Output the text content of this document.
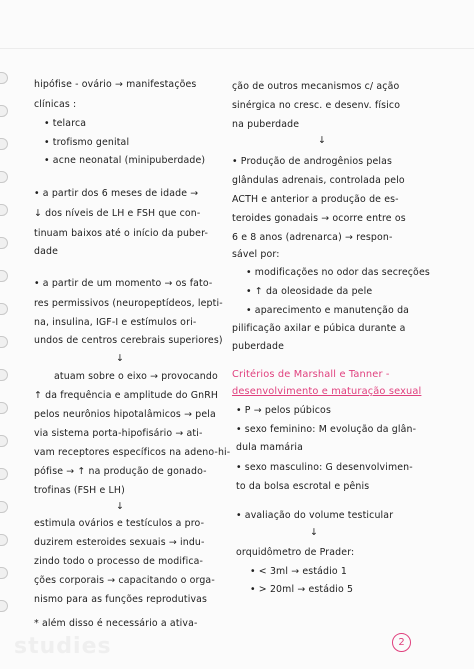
hipófise - ovário → manifestações
clínicas :
• telarca
• trofismo genital
• acne neonatal (minipuberdade)
• a partir dos 6 meses de idade →
↓ dos níveis de LH e FSH que con-
tinuam baixos até o início da puber-
dade
• a partir de um momento → os fato-
res permissivos (neuropeptídeos, lepti-
na, insulina, IGF-I e estímulos ori-
undos de centros cerebrais superiores)
↓
atuam sobre o eixo → provocando
↑ da frequência e amplitude do GnRH
pelos neurônios hipotalâmicos → pela
via sistema porta-hipofisário → ati-
vam receptores específicos na adeno-hi-
pófise → ↑ na produção de gonado-
trofinas (FSH e LH)
↓
estimula ovários e testículos a pro-
duzirem esteroides sexuais → indu-
zindo todo o processo de modifica-
ções corporais → capacitando o orga-
nismo para as funções reprodutivas
* além disso é necessário a ativa-
ção de outros mecanismos c/ ação
sinérgica no cresc. e desenv. físico
na puberdade
↓
• Produção de androgênios pelas
glândulas adrenais, controlada pelo
ACTH e anterior a produção de es-
teroides gonadais → ocorre entre os
6 e 8 anos (adrenarca) → respon-
sável por:
• modificações no odor das secreções
• ↑ da oleosidade da pele
• aparecimento e manutenção da
pilificação axilar e púbica durante a
puberdade
Critérios de Marshall e Tanner -
desenvolvimento e maturação sexual
• P → pelos púbicos
• sexo feminino: M evolução da glân-
dula mamária
• sexo masculino: G desenvolvimen-
to da bolsa escrotal e pênis
• avaliação do volume testicular
↓
orquidômetro de Prader:
• < 3ml → estádio 1
• > 20ml → estádio 5
studies	2
